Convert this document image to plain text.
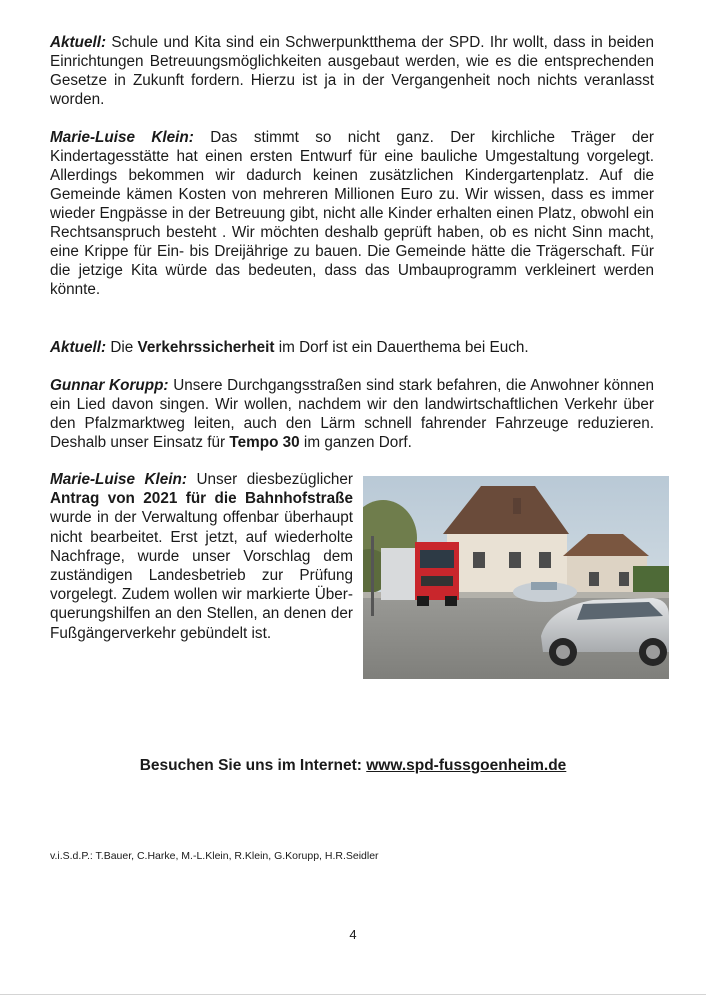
Aktuell: Schule und Kita sind ein Schwerpunktthema der SPD. Ihr wollt, dass in beiden Einrichtungen Betreuungsmöglichkeiten ausgebaut werden, wie es die entsprechenden Gesetze in Zukunft fordern. Hierzu ist ja in der Vergangenheit noch nichts veranlasst worden.

Marie-Luise Klein: Das stimmt so nicht ganz. Der kirchliche Träger der Kindertagesstätte hat einen ersten Entwurf für eine bauliche Umgestaltung vorgelegt. Allerdings bekommen wir dadurch keinen zusätzlichen Kindergartenplatz. Auf die Gemeinde kämen Kosten von mehreren Millionen Euro zu. Wir wissen, dass es immer wieder Engpässe in der Betreuung gibt, nicht alle Kinder erhalten einen Platz, obwohl ein Rechtsanspruch besteht . Wir möchten deshalb geprüft haben, ob es nicht Sinn macht, eine Krippe für Ein- bis Dreijährige zu bauen. Die Gemeinde hätte die Trägerschaft. Für die jetzige Kita würde das bedeuten, dass das Umbauprogramm verkleinert werden könnte.

Aktuell: Die Verkehrssicherheit im Dorf ist ein Dauerthema bei Euch.

Gunnar Korupp: Unsere Durchgangsstraßen sind stark befahren, die Anwohner können ein Lied davon singen. Wir wollen, nachdem wir den landwirtschaftlichen Verkehr über den Pfalzmarktweg leiten, auch den Lärm schnell fahrender Fahrzeuge reduzieren. Deshalb unser Einsatz für Tempo 30 im ganzen Dorf.

Marie-Luise Klein: Unser diesbezüglicher Antrag von 2021 für die Bahnhofstraße wurde in der Verwaltung offenbar überhaupt nicht bearbeitet. Erst jetzt, auf wiederholte Nachfrage, wurde unser Vorschlag dem zuständigen Landesbetrieb zur Prüfung vorgelegt. Zudem wollen wir markierte Überquerungshilfen an den Stellen, an denen der Fußgängerverkehr gebündelt ist.

Besuchen Sie uns im Internet: www.spd-fussgoenheim.de
v.i.S.d.P.: T.Bauer, C.Harke, M.-L.Klein, R.Klein, G.Korupp, H.R.Seidler
4
